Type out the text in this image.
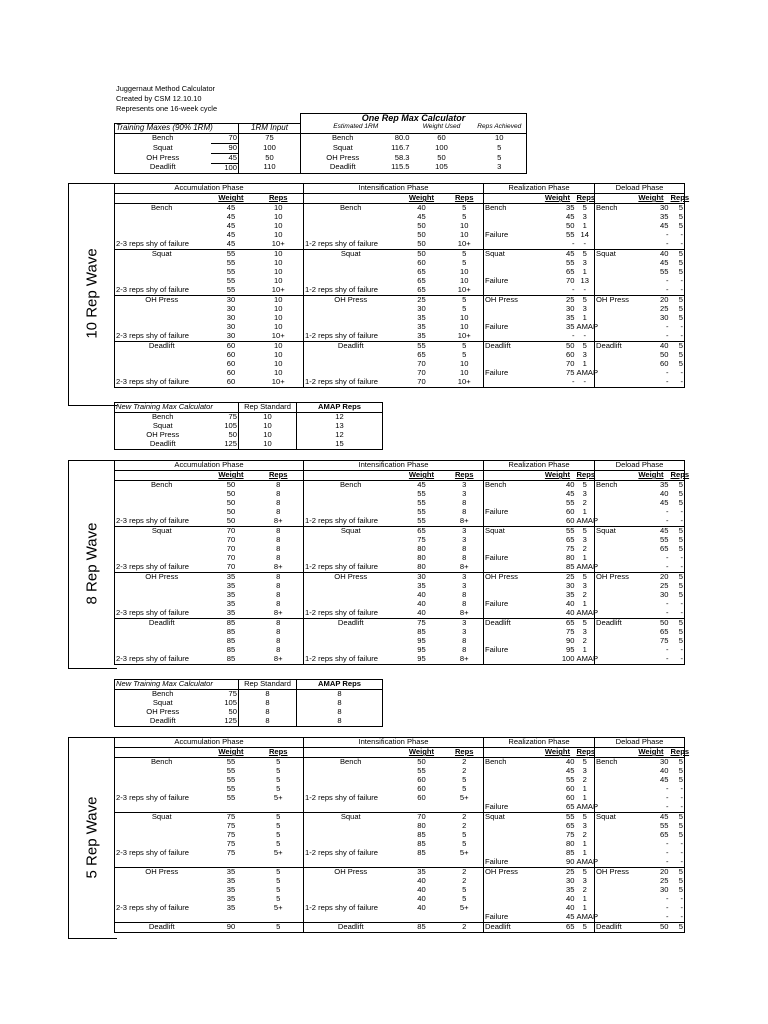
Juggernaut Method Calculator
Created by CSM 12.10.10
Represents one 16-week cycle
			One Rep Max Calculator			
Training Maxes (90% 1RM)		1RM Input	Estimated 1RM		Weight Used	Reps Achieved
Bench	70	75	Bench	80.0	60	10
Squat	90	100	Squat	116.7	100	5
OH Press	45	50	OH Press	58.3	50	5
Deadlift	100	110	Deadlift	115.5	105	3
10 Rep Wave
Accumulation Phase			Intensification Phase			Realization Phase			Deload Phase		
	Weight	Reps		Weight	Reps		Weight	Reps		Weight	Reps
Bench	45	10	Bench	40	5	Bench	35	5	Bench	30	5
	45	10		45	5		45	3		35	5
	45	10		50	10		50	1		45	5
	45	10		50	10	Failure	55	14		-	-
2-3 reps shy of failure	45	10+	1-2 reps shy of failure	50	10+		-	-		-	-
Squat	55	10	Squat	50	5	Squat	45	5	Squat	40	5
	55	10		60	5		55	3		45	5
	55	10		65	10		65	1		55	5
	55	10		65	10	Failure	70	13		-	-
2-3 reps shy of failure	55	10+	1-2 reps shy of failure	65	10+		-	-		-	-
OH Press	30	10	OH Press	25	5	OH Press	25	5	OH Press	20	5
	30	10		30	5		30	3		25	5
	30	10		35	10		35	1		30	5
	30	10		35	10	Failure	35	AMAP		-	-
2-3 reps shy of failure	30	10+	1-2 reps shy of failure	35	10+		-	-		-	-
Deadlift	60	10	Deadlift	55	5	Deadlift	50	5	Deadlift	40	5
	60	10		65	5		60	3		50	5
	60	10		70	10		70	1		60	5
	60	10		70	10	Failure	75	AMAP		-	-
2-3 reps shy of failure	60	10+	1-2 reps shy of failure	70	10+		-	-		-	-
New Training Max Calculator		Rep Standard	AMAP Reps
Bench	75	10	12
Squat	105	10	13
OH Press	50	10	12
Deadlift	125	10	15
8 Rep Wave
Accumulation Phase			Intensification Phase			Realization Phase			Deload Phase		
	Weight	Reps		Weight	Reps		Weight	Reps		Weight	Reps
Bench	50	8	Bench	45	3	Bench	40	5	Bench	35	5
	50	8		55	3		45	3		40	5
	50	8		55	8		55	2		45	5
	50	8		55	8	Failure	60	1		-	-
2-3 reps shy of failure	50	8+	1-2 reps shy of failure	55	8+		60	AMAP		-	-
Squat	70	8	Squat	65	3	Squat	55	5	Squat	45	5
	70	8		75	3		65	3		55	5
	70	8		80	8		75	2		65	5
	70	8		80	8	Failure	80	1		-	-
2-3 reps shy of failure	70	8+	1-2 reps shy of failure	80	8+		85	AMAP		-	-
OH Press	35	8	OH Press	30	3	OH Press	25	5	OH Press	20	5
	35	8		35	3		30	3		25	5
	35	8		40	8		35	2		30	5
	35	8		40	8	Failure	40	1		-	-
2-3 reps shy of failure	35	8+	1-2 reps shy of failure	40	8+		40	AMAP		-	-
Deadlift	85	8	Deadlift	75	3	Deadlift	65	5	Deadlift	50	5
	85	8		85	3		75	3		65	5
	85	8		95	8		90	2		75	5
	85	8		95	8	Failure	95	1		-	-
2-3 reps shy of failure	85	8+	1-2 reps shy of failure	95	8+		100	AMAP		-	-
New Training Max Calculator		Rep Standard	AMAP Reps
Bench	75	8	8
Squat	105	8	8
OH Press	50	8	8
Deadlift	125	8	8
5 Rep Wave
Accumulation Phase			Intensification Phase			Realization Phase			Deload Phase		
	Weight	Reps		Weight	Reps		Weight	Reps		Weight	Reps
Bench	55	5	Bench	50	2	Bench	40	5	Bench	30	5
	55	5		55	2		45	3		40	5
	55	5		60	5		55	2		45	5
	55	5		60	5		60	1		-	-
2-3 reps shy of failure	55	5+	1-2 reps shy of failure	60	5+		60	1		-	-
						Failure	65	AMAP		-	-
Squat	75	5	Squat	70	2	Squat	55	5	Squat	45	5
	75	5		80	2		65	3		55	5
	75	5		85	5		75	2		65	5
	75	5		85	5		80	1		-	-
2-3 reps shy of failure	75	5+	1-2 reps shy of failure	85	5+		85	1		-	-
						Failure	90	AMAP		-	-
OH Press	35	5	OH Press	35	2	OH Press	25	5	OH Press	20	5
	35	5		40	2		30	3		25	5
	35	5		40	5		35	2		30	5
	35	5		40	5		40	1		-	-
2-3 reps shy of failure	35	5+	1-2 reps shy of failure	40	5+		40	1		-	-
						Failure	45	AMAP		-	-
Deadlift	90	5	Deadlift	85	2	Deadlift	65	5	Deadlift	50	5
